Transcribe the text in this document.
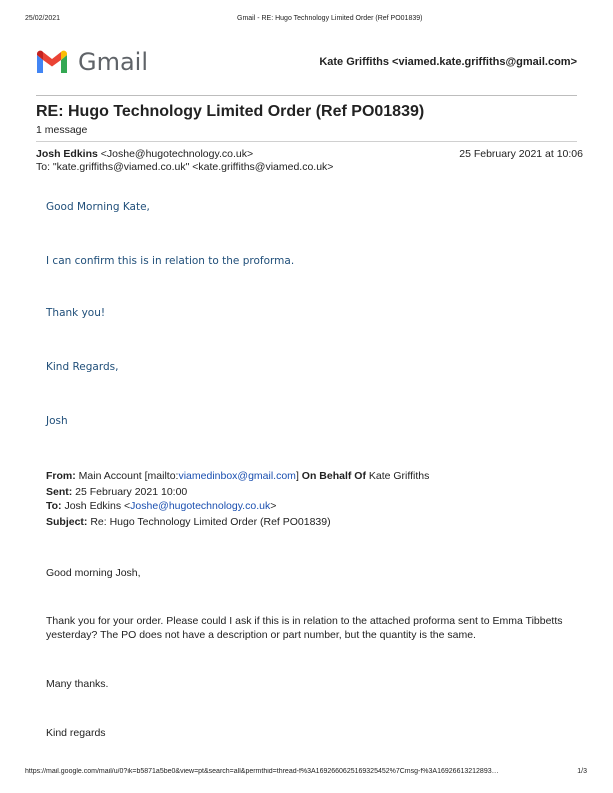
25/02/2021	Gmail - RE: Hugo Technology Limited Order (Ref PO01839)
Gmail	Kate Griffiths <viamed.kate.griffiths@gmail.com>
RE: Hugo Technology Limited Order (Ref PO01839)
1 message
Josh Edkins <Joshe@hugotechnology.co.uk>	25 February 2021 at 10:06
To: "kate.griffiths@viamed.co.uk" <kate.griffiths@viamed.co.uk>
Good Morning Kate,
I can confirm this is in relation to the proforma.
Thank you!
Kind Regards,
Josh
From: Main Account [mailto:viamedinbox@gmail.com] On Behalf Of Kate Griffiths
Sent: 25 February 2021 10:00
To: Josh Edkins <Joshe@hugotechnology.co.uk>
Subject: Re: Hugo Technology Limited Order (Ref PO01839)
Good morning Josh,
Thank you for your order. Please could I ask if this is in relation to the attached proforma sent to Emma Tibbetts yesterday? The PO does not have a description or part number, but the quantity is the same.
Many thanks.
Kind regards
https://mail.google.com/mail/u/0?ik=b5871a5be0&view=pt&search=all&permthid=thread-f%3A1692660625169325452%7Cmsg-f%3A16926613212893…	1/3
